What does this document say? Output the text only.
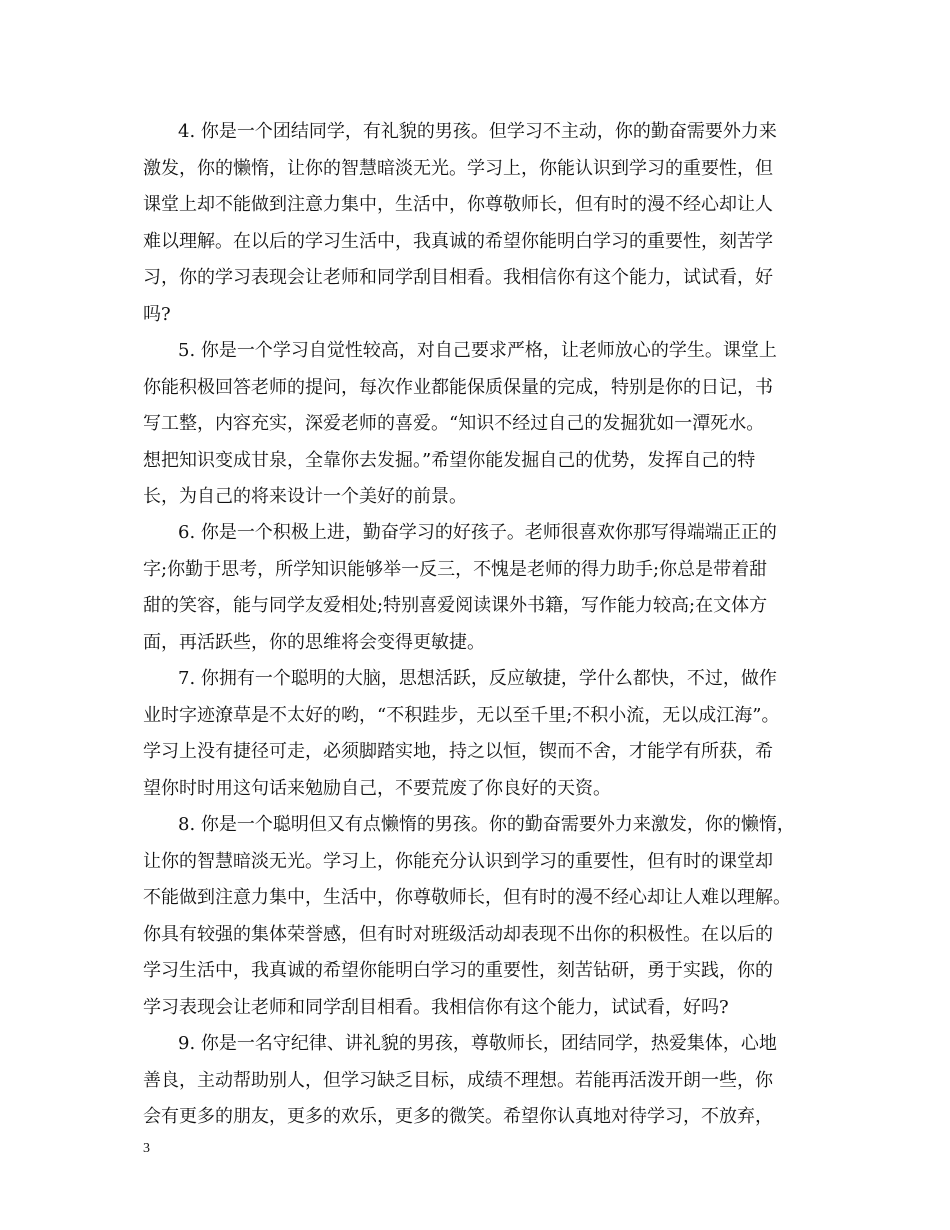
4. 你是一个团结同学，有礼貌的男孩。但学习不主动，你的勤奋需要外力来
激发，你的懒惰，让你的智慧暗淡无光。学习上，你能认识到学习的重要性，但
课堂上却不能做到注意力集中，生活中，你尊敬师长，但有时的漫不经心却让人
难以理解。在以后的学习生活中，我真诚的希望你能明白学习的重要性，刻苦学
习，你的学习表现会让老师和同学刮目相看。我相信你有这个能力，试试看，好
吗?
5. 你是一个学习自觉性较高，对自己要求严格，让老师放心的学生。课堂上
你能积极回答老师的提问，每次作业都能保质保量的完成，特别是你的日记，书
写工整，内容充实，深爱老师的喜爱。“知识不经过自己的发掘犹如一潭死水。
想把知识变成甘泉，全靠你去发掘。”希望你能发掘自己的优势，发挥自己的特
长，为自己的将来设计一个美好的前景。
6. 你是一个积极上进，勤奋学习的好孩子。老师很喜欢你那写得端端正正的
字;你勤于思考，所学知识能够举一反三，不愧是老师的得力助手;你总是带着甜
甜的笑容，能与同学友爱相处;特别喜爱阅读课外书籍，写作能力较高;在文体方
面，再活跃些，你的思维将会变得更敏捷。
7. 你拥有一个聪明的大脑，思想活跃，反应敏捷，学什么都快，不过，做作
业时字迹潦草是不太好的哟，“不积跬步，无以至千里;不积小流，无以成江海”。
学习上没有捷径可走，必须脚踏实地，持之以恒，锲而不舍，才能学有所获，希
望你时时用这句话来勉励自己，不要荒废了你良好的天资。
8. 你是一个聪明但又有点懒惰的男孩。你的勤奋需要外力来激发，你的懒惰，
让你的智慧暗淡无光。学习上，你能充分认识到学习的重要性，但有时的课堂却
不能做到注意力集中，生活中，你尊敬师长，但有时的漫不经心却让人难以理解。
你具有较强的集体荣誉感，但有时对班级活动却表现不出你的积极性。在以后的
学习生活中，我真诚的希望你能明白学习的重要性，刻苦钻研，勇于实践，你的
学习表现会让老师和同学刮目相看。我相信你有这个能力，试试看，好吗?
9. 你是一名守纪律、讲礼貌的男孩，尊敬师长，团结同学，热爱集体，心地
善良，主动帮助别人，但学习缺乏目标，成绩不理想。若能再活泼开朗一些，你
会有更多的朋友，更多的欢乐，更多的微笑。希望你认真地对待学习，不放弃，
3
